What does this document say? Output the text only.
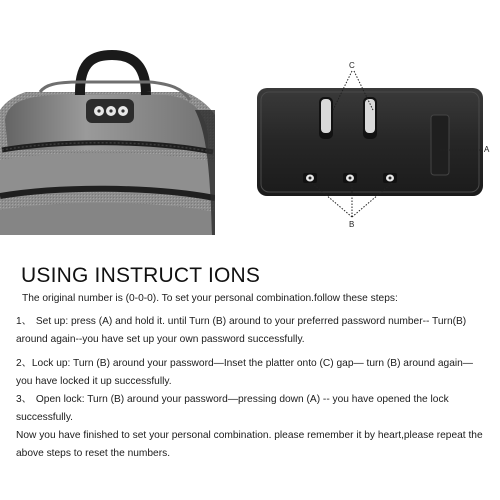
C
A
B
USING INSTRUCT IONS
The original number is (0-0-0). To set your personal combination.follow these steps:
1、 Set up: press (A) and hold it. until Turn (B) around to your preferred password number-- Turn(B) around again--you have set up your own password successfully.
2、Lock up: Turn (B) around your password—Inset the platter onto (C) gap— turn (B) around again—you have locked it up successfully.
3、 Open lock: Turn (B) around your password—pressing down (A) -- you have opened the lock successfully.
Now you have finished to set your personal combination. please remember it by heart,please repeat the above steps to reset the numbers.
